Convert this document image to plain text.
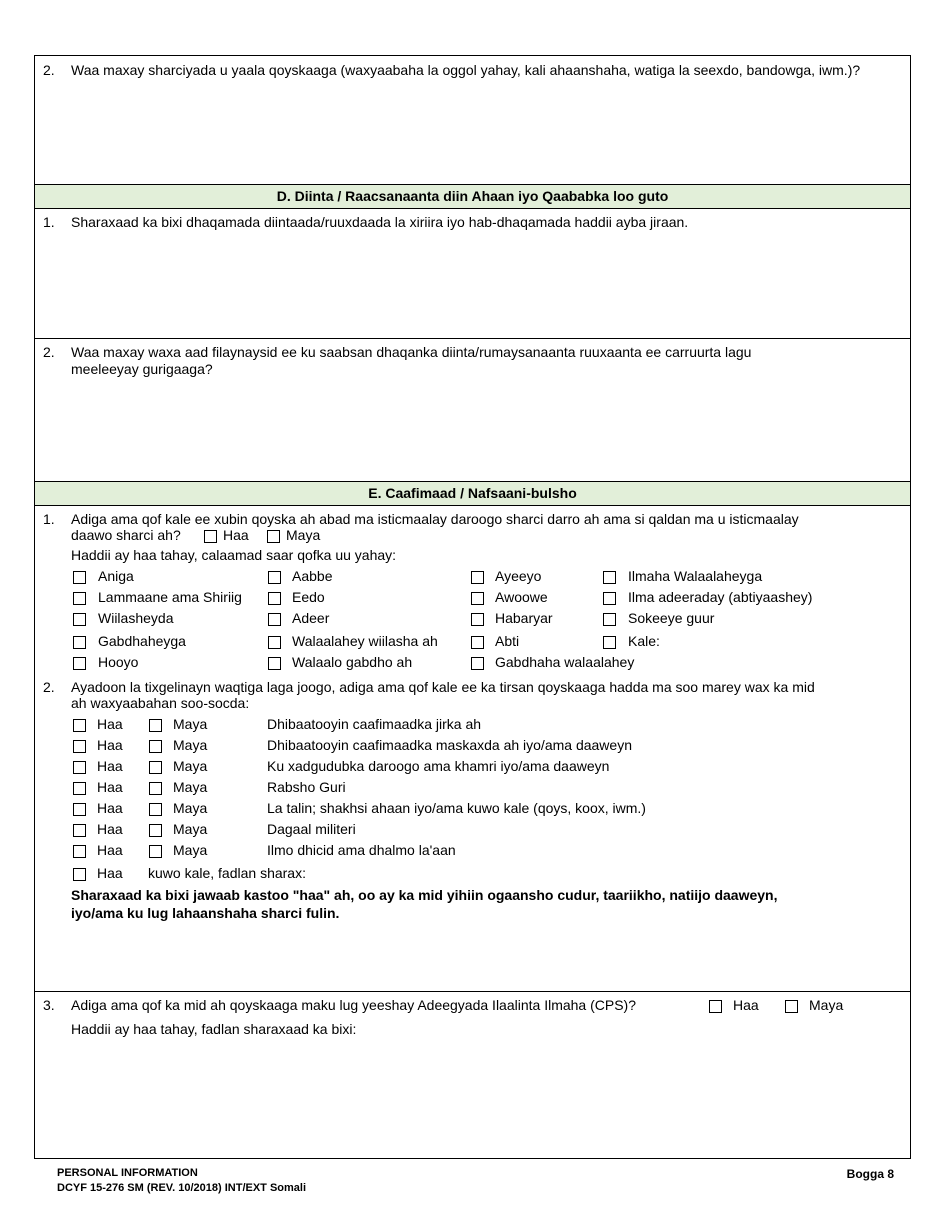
2. Waa maxay sharciyada u yaala qoyskaaga (waxyaabaha la oggol yahay, kali ahaanshaha, watiga la seexdo, bandowga, iwm.)?
D. Diinta / Raacsanaanta diin Ahaan iyo Qaababka loo guto
1. Sharaxaad ka bixi dhaqamada diintaada/ruuxdaada la xiriira iyo hab-dhaqamada haddii ayba jiraan.
2. Waa maxay waxa aad filaynaysid ee ku saabsan dhaqanka diinta/rumaysanaanta ruuxaanta ee carruurta lagu
meeleeyay gurigaaga?
E. Caafimaad / Nafsaani-bulsho
1. Adiga ama qof kale ee xubin qoyska ah abad ma isticmaalay daroogo sharci darro ah ama si qaldan ma u isticmaalay
daawo sharci ah?	Haa	Maya
Haddii ay haa tahay, calaamad saar qofka uu yahay:
Aniga	Aabbe	Ayeeyo	Ilmaha Walaalaheyga
Lammaane ama Shiriig	Eedo	Awoowe	Ilma adeeraday (abtiyaashey)
Wiilasheyda	Adeer	Habaryar	Sokeeye guur
Gabdhaheyga	Walaalahey wiilasha ah	Abti	Kale:
Hooyo	Walaalo gabdho ah	Gabdhaha walaalahey
2. Ayadoon la tixgelinayn waqtiga laga joogo, adiga ama qof kale ee ka tirsan qoyskaaga hadda ma soo marey wax ka mid
ah waxyaabahan soo-socda:
Haa	Maya	Dhibaatooyin caafimaadka jirka ah
Haa	Maya	Dhibaatooyin caafimaadka maskaxda ah iyo/ama daaweyn
Haa	Maya	Ku xadgudubka daroogo ama khamri iyo/ama daaweyn
Haa	Maya	Rabsho Guri
Haa	Maya	La talin; shakhsi ahaan iyo/ama kuwo kale (qoys, koox, iwm.)
Haa	Maya	Dagaal militeri
Haa	Maya	Ilmo dhicid ama dhalmo la'aan
Haa kuwo kale, fadlan sharax:
Sharaxaad ka bixi jawaab kastoo "haa" ah, oo ay ka mid yihiin ogaansho cudur, taariikho, natiijo daaweyn,
iyo/ama ku lug lahaanshaha sharci fulin.
3. Adiga ama qof ka mid ah qoyskaaga maku lug yeeshay Adeegyada Ilaalinta Ilmaha (CPS)?	Haa	Maya
Haddii ay haa tahay, fadlan sharaxaad ka bixi:
PERSONAL INFORMATION
DCYF 15-276 SM (REV. 10/2018) INT/EXT Somali
Bogga 8
